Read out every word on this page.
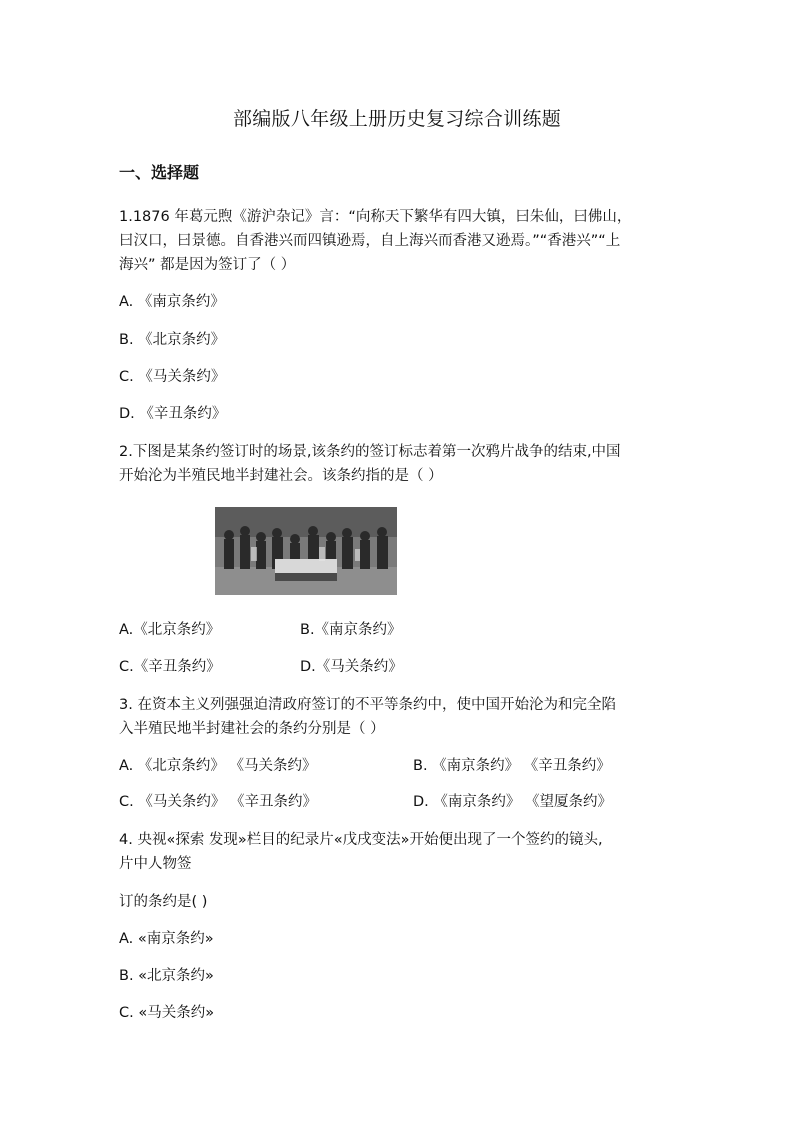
部编版八年级上册历史复习综合训练题
一、选择题
1.1876 年葛元煦《游沪杂记》言：“向称天下繁华有四大镇，曰朱仙，曰佛山，
曰汉口，曰景德。自香港兴而四镇逊焉，自上海兴而香港又逊焉。”“香港兴”“上
海兴” 都是因为签订了（ ）
A. 《南京条约》
B. 《北京条约》
C. 《马关条约》
D. 《辛丑条约》
2.下图是某条约签订时的场景,该条约的签订标志着第一次鸦片战争的结束,中国
开始沦为半殖民地半封建社会。该条约指的是（ ）
A.《北京条约》	B.《南京条约》
C.《辛丑条约》	D.《马关条约》
3. 在资本主义列强强迫清政府签订的不平等条约中，使中国开始沦为和完全陷
入半殖民地半封建社会的条约分别是（ ）
A. 《北京条约》 《马关条约》	B. 《南京条约》 《辛丑条约》
C. 《马关条约》 《辛丑条约》	D. 《南京条约》 《望厦条约》
4. 央视«探索 发现»栏目的纪录片«戊戌变法»开始便出现了一个签约的镜头,
片中人物签
订的条约是( )
A. «南京条约»
B. «北京条约»
C. «马关条约»
